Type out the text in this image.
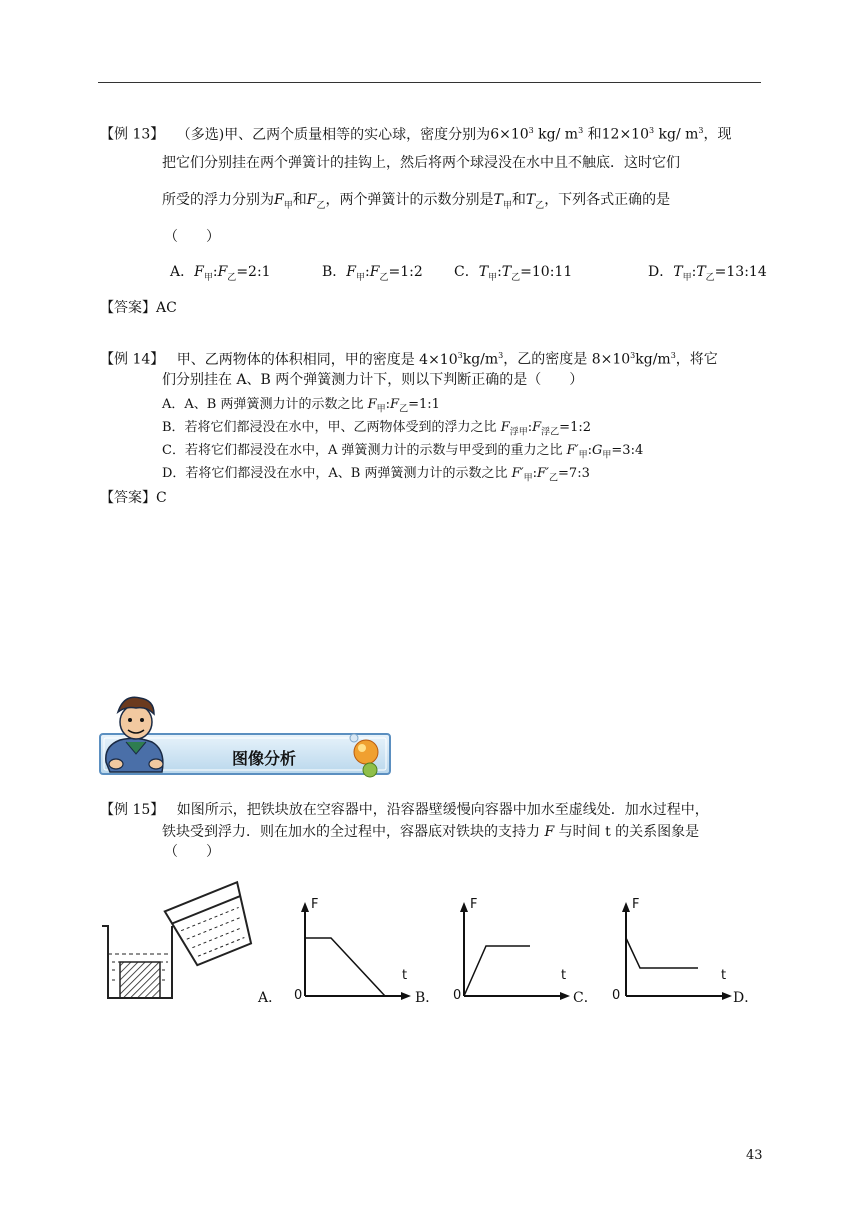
【例 13】 （多选)甲、乙两个质量相等的实心球，密度分别为$6\times 10^3$ kg/ $m^3$ 和$12\times 10^3$ kg/ $m^3$，现
把它们分别挂在两个弹簧计的挂钩上，然后将两个球浸没在水中且不触底．这时它们
所受的浮力分别为$F_甲$和$F_乙$，两个弹簧计的示数分别是$T_甲$和$T_乙$，下列各式正确的是
（　　）
A．$F_甲:F_乙=2:1$	B．$F_甲:F_乙=1:2$ C．$T_甲:T_乙=10:11$	D．$T_甲:T_乙=13:14$
【答案】AC
【例 14】 甲、乙两物体的体积相同，甲的密度是 $4\times 10^3kg/m^3$，乙的密度是 $8\times 10^3kg/m^3$，将它
们分别挂在 A、B 两个弹簧测力计下，则以下判断正确的是（　　）
A．A、B 两弹簧测力计的示数之比 $F_甲:F_乙=1:1$
B．若将它们都浸没在水中，甲、乙两物体受到的浮力之比 $F_{浮甲}:F_{浮乙}=1:2$
C．若将它们都浸没在水中，A 弹簧测力计的示数与甲受到的重力之比 $F'_甲:G_甲=3:4$
D．若将它们都浸没在水中，A、B 两弹簧测力计的示数之比 $F'_甲:F'_乙=7:3$
【答案】C
图像分析
【例 15】 如图所示，把铁块放在空容器中，沿容器壁缓慢向容器中加水至虚线处．加水过程中，
铁块受到浮力．则在加水的全过程中，容器底对铁块的支持力 F 与时间 t 的关系图象是
（　　）
F
t
0
A．
F
t
0
B．
F
t
0
C．	D．
43
